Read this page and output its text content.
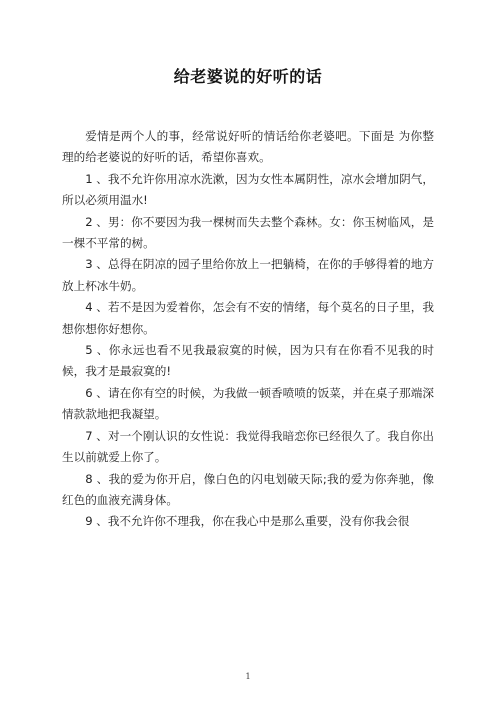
给老婆说的好听的话

爱情是两个人的事，经常说好听的情话给你老婆吧。下面是 为你整理的给老婆说的好听的话，希望你喜欢。

1 、我不允许你用凉水洗漱，因为女性本属阴性，凉水会增加阴气，所以必须用温水!

2 、男：你不要因为我一棵树而失去整个森林。女：你玉树临风，是一棵不平常的树。

3 、总得在阴凉的园子里给你放上一把躺椅，在你的手够得着的地方放上杯冰牛奶。

4 、若不是因为爱着你，怎会有不安的情绪，每个莫名的日子里，我想你想你好想你。

5 、你永远也看不见我最寂寞的时候，因为只有在你看不见我的时候，我才是最寂寞的!

6 、请在你有空的时候，为我做一顿香喷喷的饭菜，并在桌子那端深情款款地把我凝望。

7 、对一个刚认识的女性说：我觉得我暗恋你已经很久了。我自你出生以前就爱上你了。

8 、我的爱为你开启，像白色的闪电划破天际;我的爱为你奔驰，像红色的血液充满身体。

9 、我不允许你不理我，你在我心中是那么重要，没有你我会很

1
